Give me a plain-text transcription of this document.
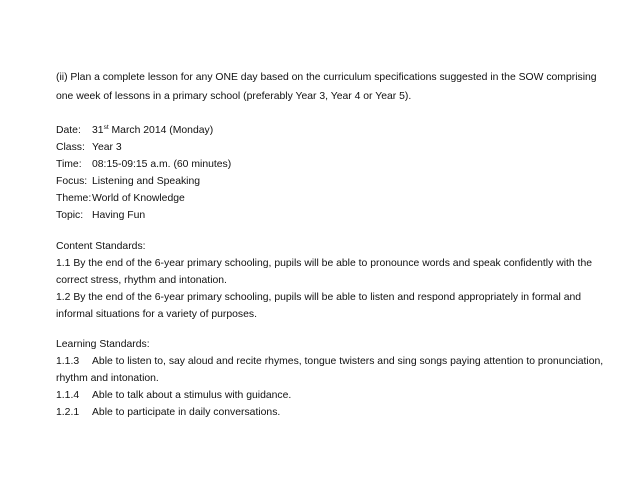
(ii) Plan a complete lesson for any ONE day based on the curriculum specifications suggested in the SOW comprising
one week of lessons in a primary school (preferably Year 3, Year 4 or Year 5).
Date: 31st March 2014 (Monday)
Class: Year 3
Time: 08:15-09:15 a.m. (60 minutes)
Focus: Listening and Speaking
Theme: World of Knowledge
Topic: Having Fun
Content Standards:
1.1 By the end of the 6-year primary schooling, pupils will be able to pronounce words and speak confidently with the
correct stress, rhythm and intonation.
1.2 By the end of the 6-year primary schooling, pupils will be able to listen and respond appropriately in formal and
informal situations for a variety of purposes.
Learning Standards:
1.1.3 Able to listen to, say aloud and recite rhymes, tongue twisters and sing songs paying attention to pronunciation,
rhythm and intonation.
1.1.4 Able to talk about a stimulus with guidance.
1.2.1 Able to participate in daily conversations.
